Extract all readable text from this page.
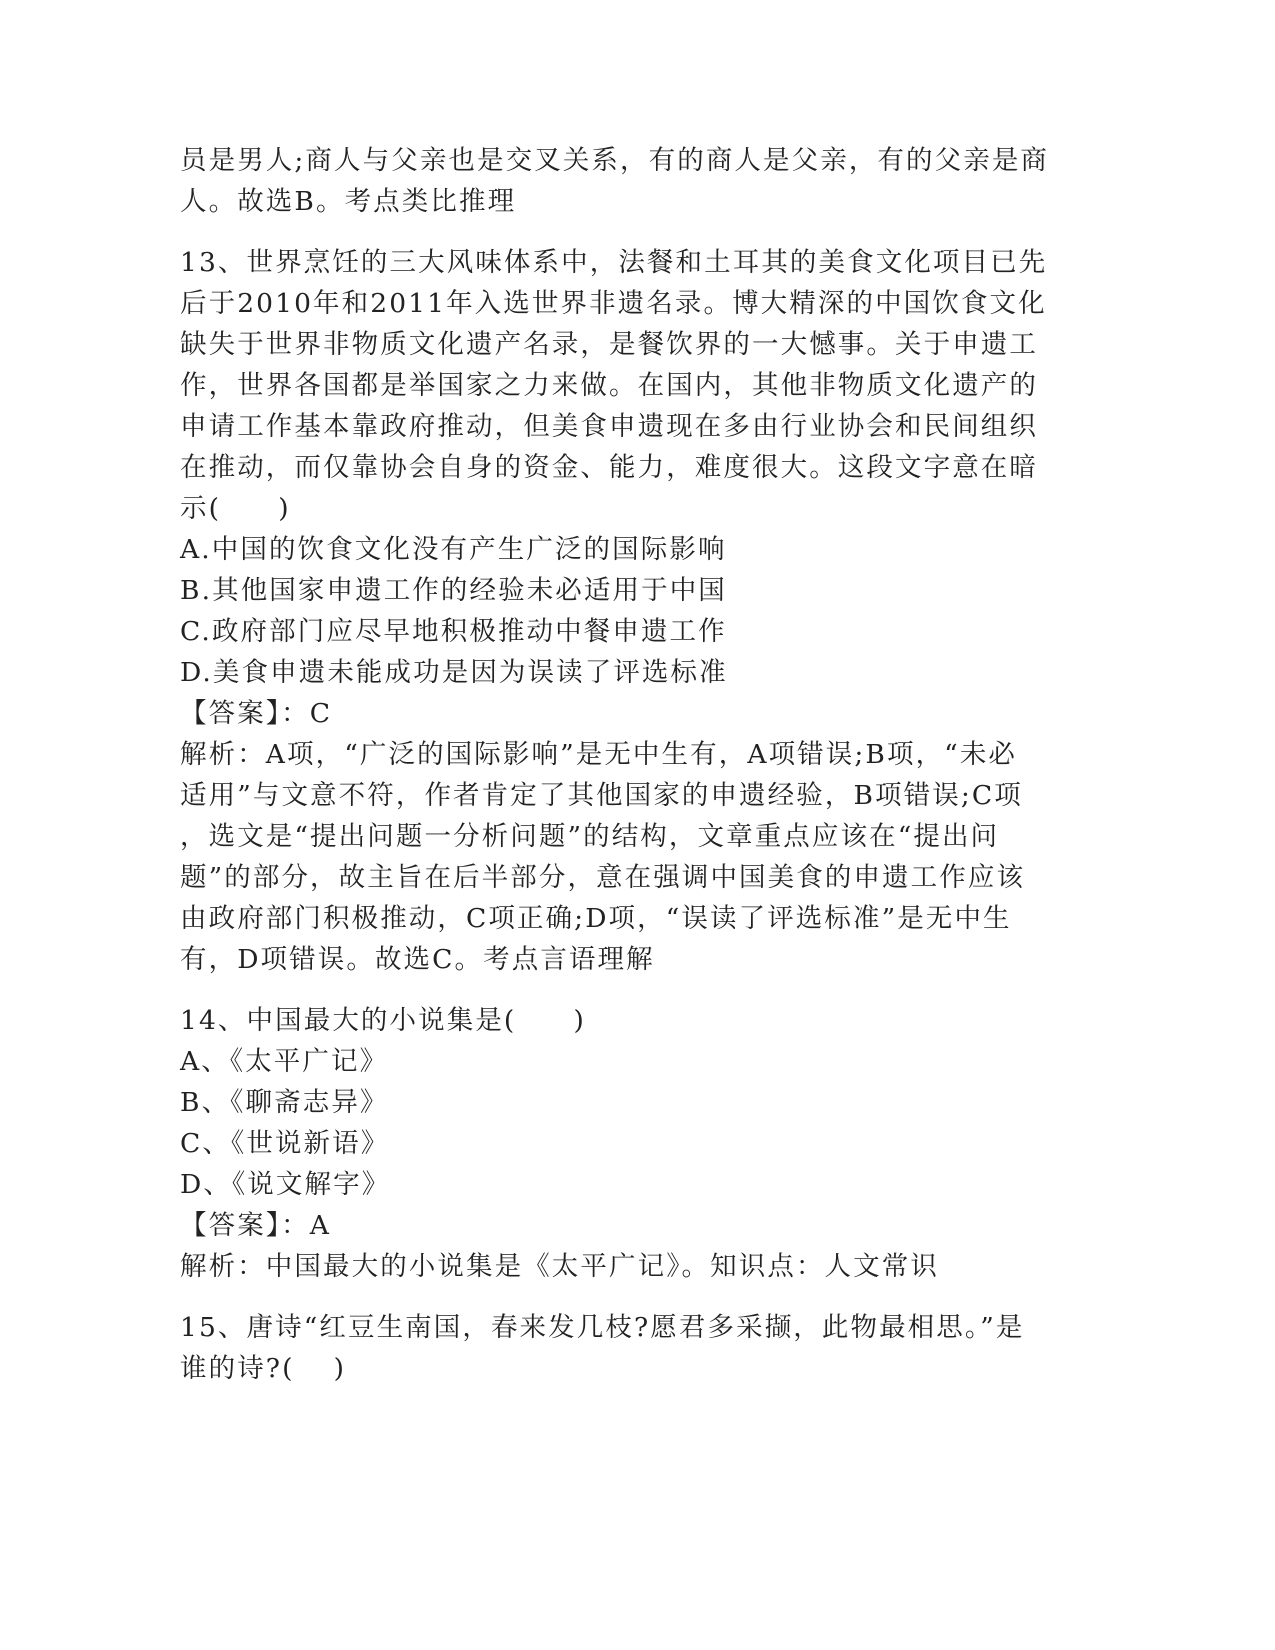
员是男人;商人与父亲也是交叉关系，有的商人是父亲，有的父亲是商
人。故选B。考点类比推理
13、世界烹饪的三大风味体系中，法餐和土耳其的美食文化项目已先
后于2010年和2011年入选世界非遗名录。博大精深的中国饮食文化
缺失于世界非物质文化遗产名录，是餐饮界的一大憾事。关于申遗工
作，世界各国都是举国家之力来做。在国内，其他非物质文化遗产的
申请工作基本靠政府推动，但美食申遗现在多由行业协会和民间组织
在推动，而仅靠协会自身的资金、能力，难度很大。这段文字意在暗
示(　　)
A.中国的饮食文化没有产生广泛的国际影响
B.其他国家申遗工作的经验未必适用于中国
C.政府部门应尽早地积极推动中餐申遗工作
D.美食申遗未能成功是因为误读了评选标准
【答案】：C
解析：A项，“广泛的国际影响”是无中生有，A项错误;B项，“未必
适用”与文意不符，作者肯定了其他国家的申遗经验，B项错误;C项
，选文是“提出问题一分析问题”的结构，文章重点应该在“提出问
题”的部分，故主旨在后半部分，意在强调中国美食的申遗工作应该
由政府部门积极推动，C项正确;D项，“误读了评选标准”是无中生
有，D项错误。故选C。考点言语理解
14、中国最大的小说集是(　　)
A、《太平广记》
B、《聊斋志异》
C、《世说新语》
D、《说文解字》
【答案】：A
解析：中国最大的小说集是《太平广记》。知识点：人文常识
15、唐诗“红豆生南国，春来发几枝?愿君多采撷，此物最相思。”是
谁的诗?(　 )
